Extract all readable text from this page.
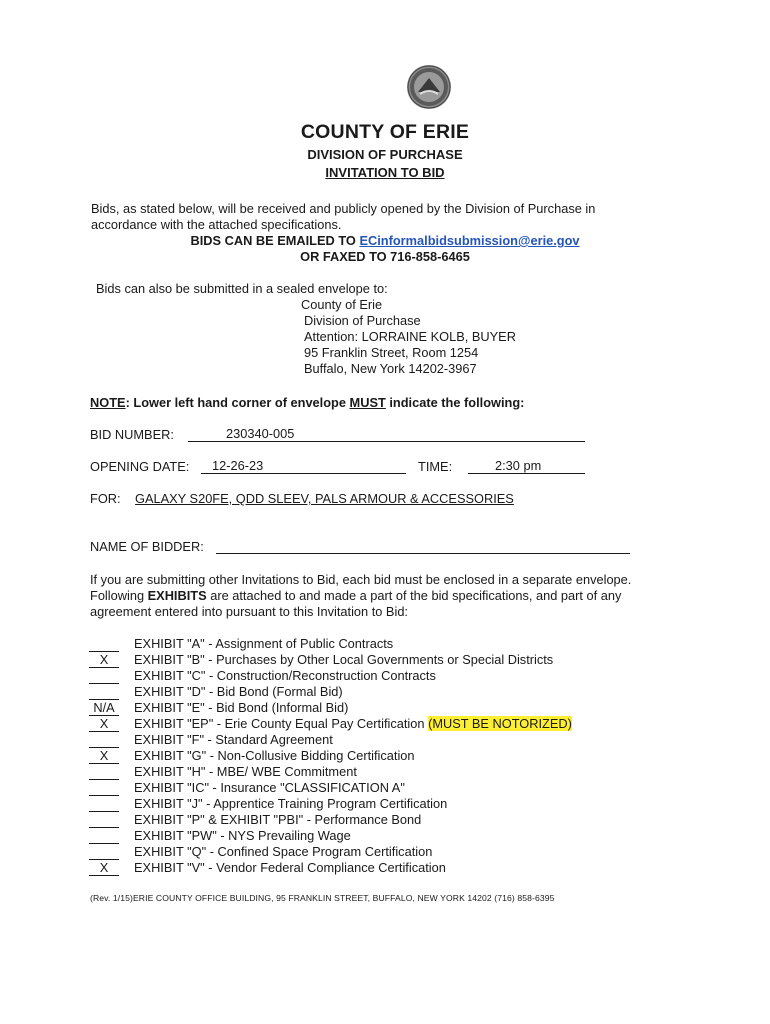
COUNTY OF ERIE
DIVISION OF PURCHASE
INVITATION TO BID
Bids, as stated below, will be received and publicly opened by the Division of Purchase in
accordance with the attached specifications.
BIDS CAN BE EMAILED TO ECinformalbidsubmission@erie.gov
OR FAXED TO 716-858-6465
Bids can also be submitted in a sealed envelope to:
County of Erie
Division of Purchase
Attention: LORRAINE KOLB, BUYER
95 Franklin Street, Room 1254
Buffalo, New York 14202-3967
NOTE: Lower left hand corner of envelope MUST indicate the following:
BID NUMBER:	230340-005
OPENING DATE: 12-26-23	TIME:	2:30 pm
FOR: GALAXY S20FE, QDD SLEEV, PALS ARMOUR & ACCESSORIES
NAME OF BIDDER:
If you are submitting other Invitations to Bid, each bid must be enclosed in a separate envelope.
Following EXHIBITS are attached to and made a part of the bid specifications, and part of any
agreement entered into pursuant to this Invitation to Bid:
EXHIBIT "A" - Assignment of Public Contracts
X	EXHIBIT "B" - Purchases by Other Local Governments or Special Districts
EXHIBIT "C" - Construction/Reconstruction Contracts
EXHIBIT "D" - Bid Bond (Formal Bid)
N/A	EXHIBIT "E" - Bid Bond (Informal Bid)
X	EXHIBIT "EP" - Erie County Equal Pay Certification (MUST BE NOTORIZED)
EXHIBIT "F" - Standard Agreement
X	EXHIBIT "G" - Non-Collusive Bidding Certification
EXHIBIT "H" - MBE/ WBE Commitment
EXHIBIT "IC" - Insurance "CLASSIFICATION A"
EXHIBIT "J" - Apprentice Training Program Certification
EXHIBIT "P" & EXHIBIT "PBI" - Performance Bond
EXHIBIT "PW" - NYS Prevailing Wage
EXHIBIT "Q" - Confined Space Program Certification
X	EXHIBIT "V" - Vendor Federal Compliance Certification
(Rev. 1/15)ERIE COUNTY OFFICE BUILDING, 95 FRANKLIN STREET, BUFFALO, NEW YORK 14202 (716) 858-6395
